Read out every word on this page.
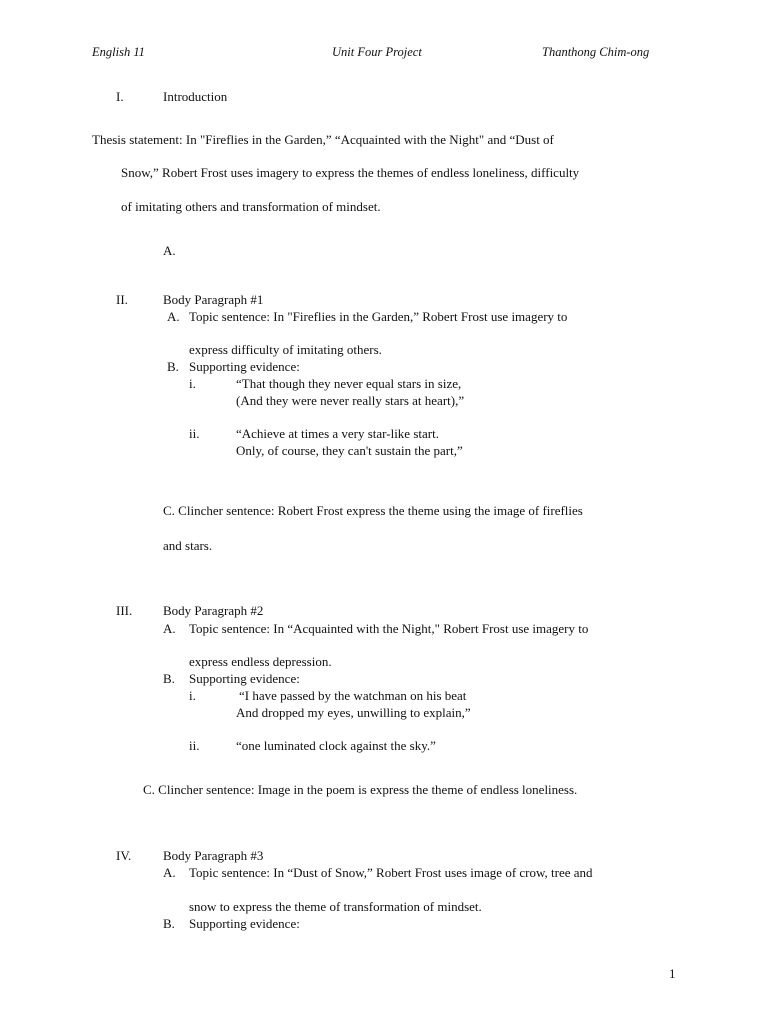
English 11	Unit Four Project	Thanthong Chim-ong
I.	Introduction
Thesis statement: In "Fireflies in the Garden,” “Acquainted with the Night" and “Dust of
Snow,” Robert Frost uses imagery to express the themes of endless loneliness, difficulty
of imitating others and transformation of mindset.
A.
II.	Body Paragraph #1
A. Topic sentence: In "Fireflies in the Garden,” Robert Frost use imagery to
express difficulty of imitating others.
B. Supporting evidence:
i.	“That though they never equal stars in size,
(And they were never really stars at heart),”
ii.	“Achieve at times a very star-like start.
Only, of course, they can't sustain the part,”
C. Clincher sentence: Robert Frost express the theme using the image of fireflies
and stars.
III. Body Paragraph #2
A. Topic sentence: In “Acquainted with the Night," Robert Frost use imagery to
express endless depression.
B. Supporting evidence:
i.	“I have passed by the watchman on his beat
And dropped my eyes, unwilling to explain,”
ii.	“one luminated clock against the sky.”
C. Clincher sentence: Image in the poem is express the theme of endless loneliness.
IV. Body Paragraph #3
A. Topic sentence: In “Dust of Snow,” Robert Frost uses image of crow, tree and
snow to express the theme of transformation of mindset.
B. Supporting evidence:
1
